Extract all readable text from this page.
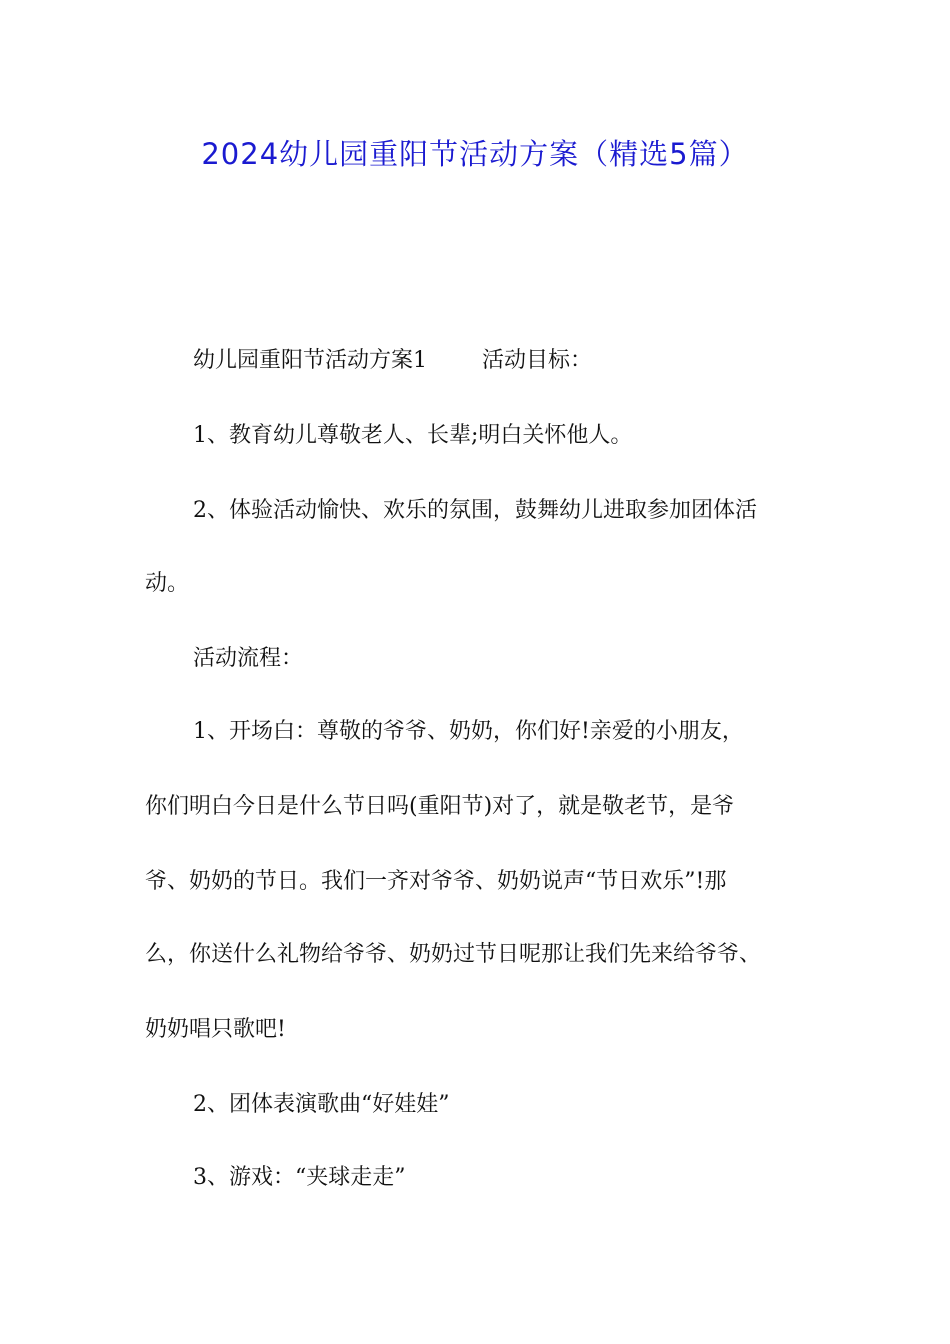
2024幼儿园重阳节活动方案（精选5篇）

幼儿园重阳节活动方案1	活动目标：

1、教育幼儿尊敬老人、长辈;明白关怀他人。

2、体验活动愉快、欢乐的氛围，鼓舞幼儿进取参加团体活

动。

活动流程：

1、开场白：尊敬的爷爷、奶奶，你们好!亲爱的小朋友，

你们明白今日是什么节日吗(重阳节)对了，就是敬老节，是爷

爷、奶奶的节日。我们一齐对爷爷、奶奶说声“节日欢乐”!那

么，你送什么礼物给爷爷、奶奶过节日呢那让我们先来给爷爷、

奶奶唱只歌吧!

2、团体表演歌曲“好娃娃”

3、游戏：“夹球走走”
